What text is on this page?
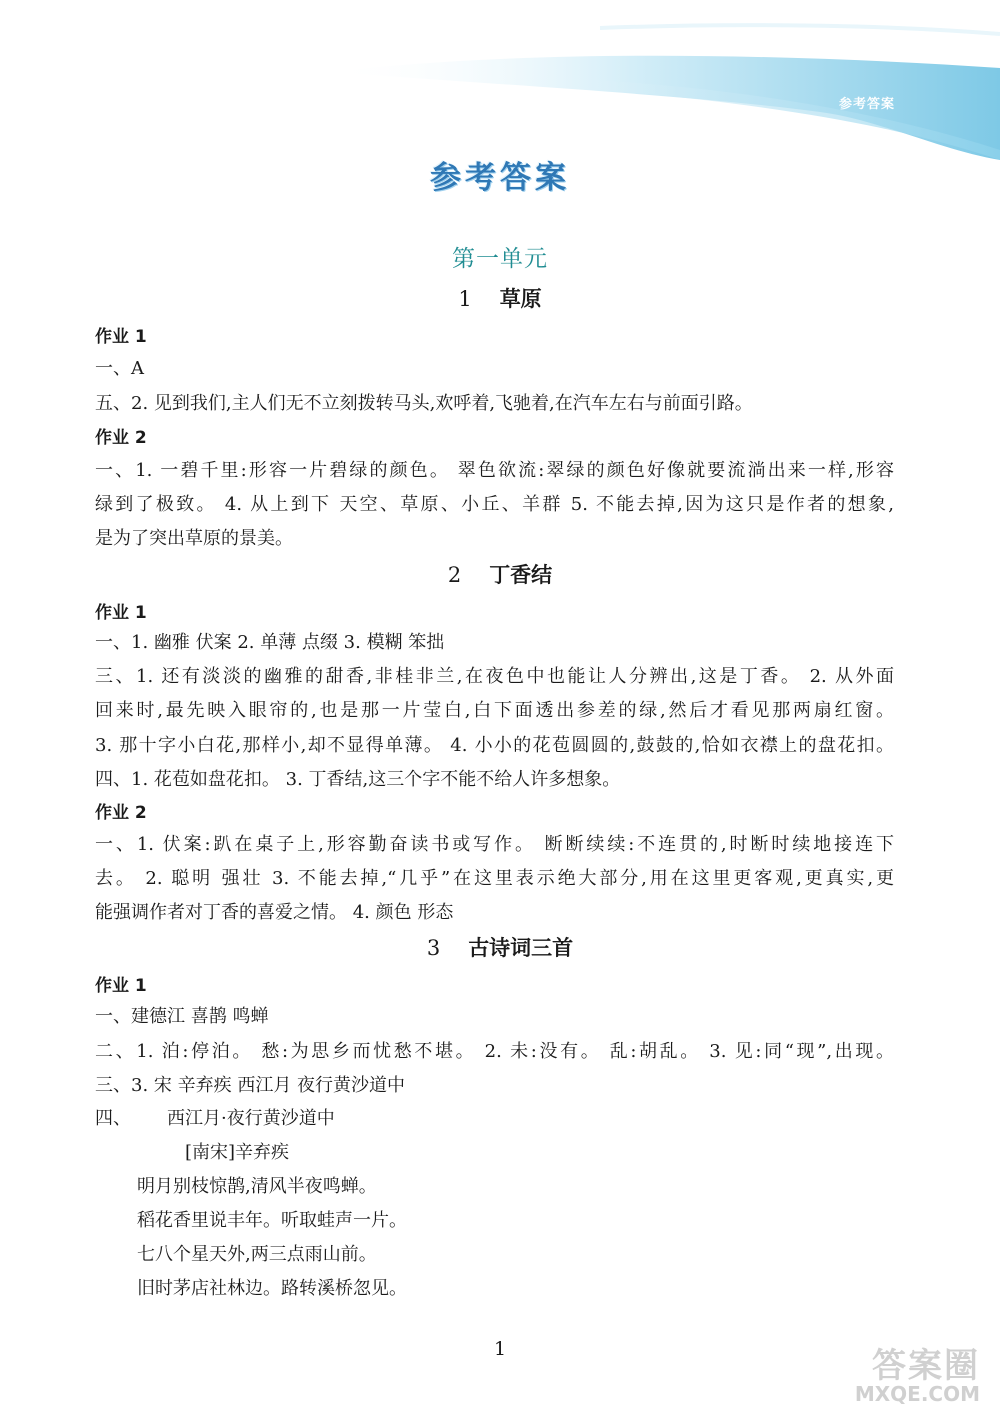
参考答案
参考答案
第一单元
1 草原
作业 1
一、A
五、2. 见到我们,主人们无不立刻拨转马头,欢呼着,飞驰着,在汽车左右与前面引路。
作业 2
一、1. 一碧千里:形容一片碧绿的颜色。 翠色欲流:翠绿的颜色好像就要流淌出来一样,形容
绿到了极致。 4. 从上到下 天空、草原、小丘、羊群 5. 不能去掉,因为这只是作者的想象,
是为了突出草原的景美。
2 丁香结
作业 1
一、1. 幽雅 伏案 2. 单薄 点缀 3. 模糊 笨拙
三、1. 还有淡淡的幽雅的甜香,非桂非兰,在夜色中也能让人分辨出,这是丁香。 2. 从外面
回来时,最先映入眼帘的,也是那一片莹白,白下面透出参差的绿,然后才看见那两扇红窗。
3. 那十字小白花,那样小,却不显得单薄。 4. 小小的花苞圆圆的,鼓鼓的,恰如衣襟上的盘花扣。
四、1. 花苞如盘花扣。 3. 丁香结,这三个字不能不给人许多想象。
作业 2
一、1. 伏案:趴在桌子上,形容勤奋读书或写作。 断断续续:不连贯的,时断时续地接连下
去。 2. 聪明 强壮 3. 不能去掉,“几乎”在这里表示绝大部分,用在这里更客观,更真实,更
能强调作者对丁香的喜爱之情。 4. 颜色 形态
3 古诗词三首
作业 1
一、建德江 喜鹊 鸣蝉
二、1. 泊:停泊。 愁:为思乡而忧愁不堪。 2. 未:没有。 乱:胡乱。 3. 见:同“现”,出现。
三、3. 宋 辛弃疾 西江月 夜行黄沙道中
四、 西江月·夜行黄沙道中
[南宋]辛弃疾
明月别枝惊鹊,清风半夜鸣蝉。
稻花香里说丰年。听取蛙声一片。
七八个星天外,两三点雨山前。
旧时茅店社林边。路转溪桥忽见。
1	答案圈
MXQE.COM
